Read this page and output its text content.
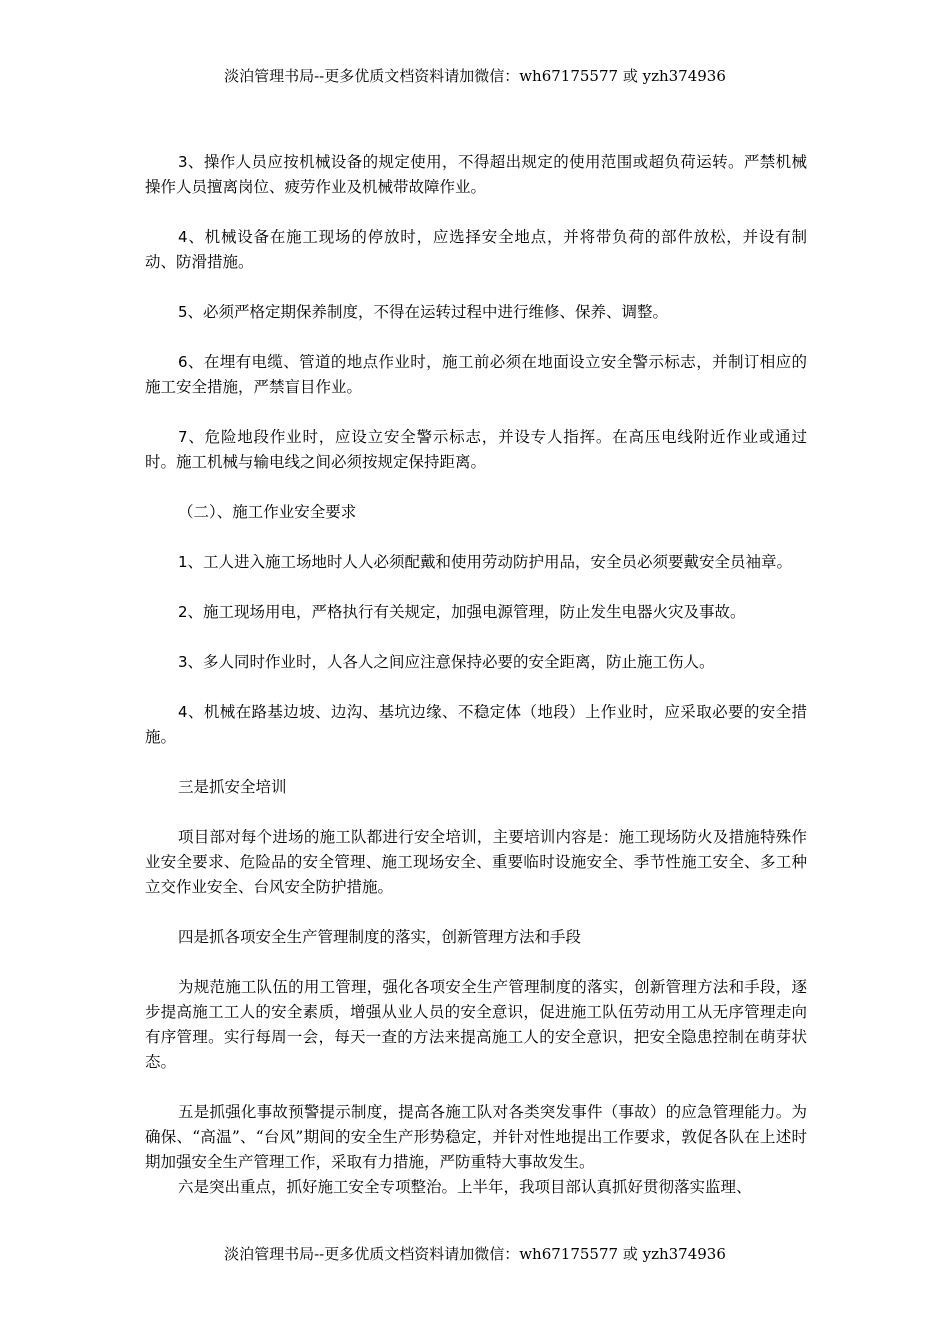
淡泊管理书局--更多优质文档资料请加微信：wh67175577 或 yzh374936

3、操作人员应按机械设备的规定使用，不得超出规定的使用范围或超负荷运转。严禁机械操作人员擅离岗位、疲劳作业及机械带故障作业。

4、机械设备在施工现场的停放时，应选择安全地点，并将带负荷的部件放松，并设有制动、防滑措施。

5、必须严格定期保养制度，不得在运转过程中进行维修、保养、调整。

6、在埋有电缆、管道的地点作业时，施工前必须在地面设立安全警示标志，并制订相应的施工安全措施，严禁盲目作业。

7、危险地段作业时，应设立安全警示标志，并设专人指挥。在高压电线附近作业或通过时。施工机械与输电线之间必须按规定保持距离。

（二）、施工作业安全要求

1、工人进入施工场地时人人必须配戴和使用劳动防护用品，安全员必须要戴安全员袖章。

2、施工现场用电，严格执行有关规定，加强电源管理，防止发生电器火灾及事故。

3、多人同时作业时，人各人之间应注意保持必要的安全距离，防止施工伤人。

4、机械在路基边坡、边沟、基坑边缘、不稳定体（地段）上作业时，应采取必要的安全措施。

三是抓安全培训

项目部对每个进场的施工队都进行安全培训，主要培训内容是：施工现场防火及措施特殊作业安全要求、危险品的安全管理、施工现场安全、重要临时设施安全、季节性施工安全、多工种立交作业安全、台风安全防护措施。

四是抓各项安全生产管理制度的落实，创新管理方法和手段

为规范施工队伍的用工管理，强化各项安全生产管理制度的落实，创新管理方法和手段，逐步提高施工工人的安全素质，增强从业人员的安全意识，促进施工队伍劳动用工从无序管理走向有序管理。实行每周一会，每天一查的方法来提高施工人的安全意识，把安全隐患控制在萌芽状态。

五是抓强化事故预警提示制度，提高各施工队对各类突发事件（事故）的应急管理能力。为确保、“高温”、“台风”期间的安全生产形势稳定，并针对性地提出工作要求，敦促各队在上述时期加强安全生产管理工作，采取有力措施，严防重特大事故发生。

六是突出重点，抓好施工安全专项整治。上半年，我项目部认真抓好贯彻落实监理、

淡泊管理书局--更多优质文档资料请加微信：wh67175577 或 yzh374936
